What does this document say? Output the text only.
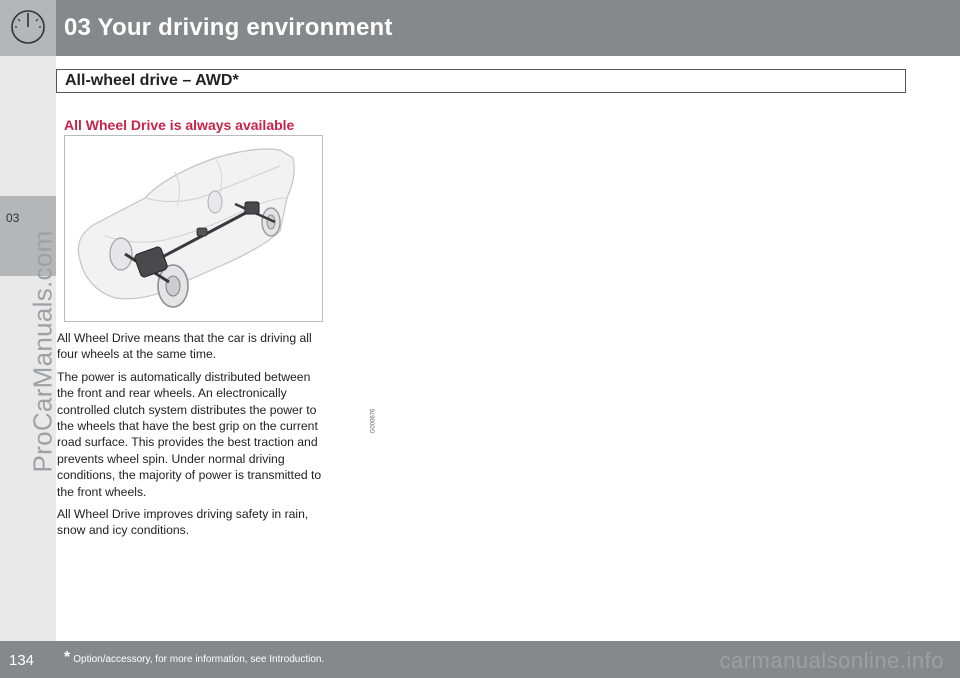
03 Your driving environment
03
ProCarManuals.com
All-wheel drive – AWD*
All Wheel Drive is always available
G000676

All Wheel Drive means that the car is driving all four wheels at the same time.

The power is automatically distributed between the front and rear wheels. An electronically controlled clutch system distributes the power to the wheels that have the best grip on the current road surface. This provides the best traction and prevents wheel spin. Under normal driving conditions, the majority of power is transmitted to the front wheels.

All Wheel Drive improves driving safety in rain, snow and icy conditions.

134 * Option/accessory, for more information, see Introduction.	carmanualsonline.info
